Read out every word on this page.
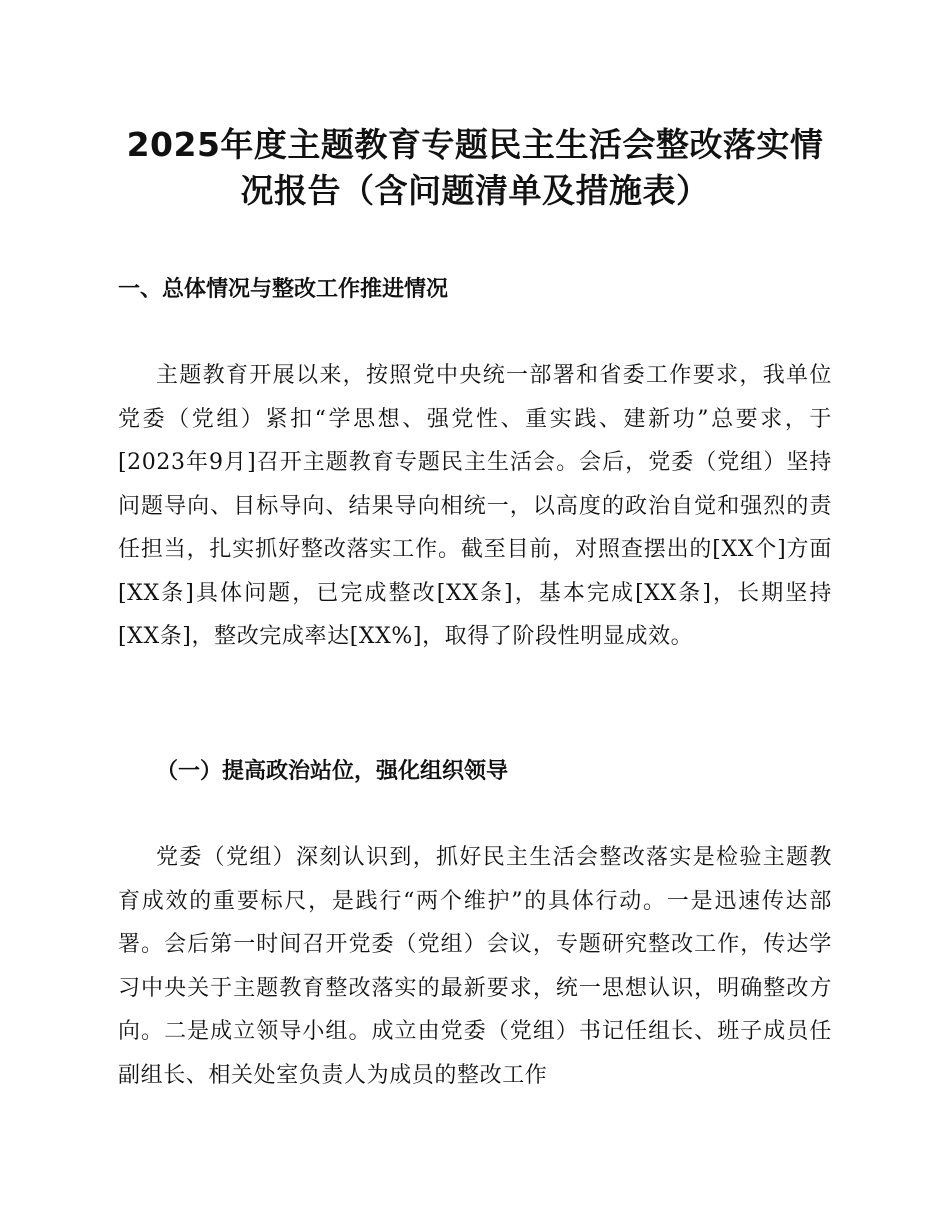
2025年度主题教育专题民主生活会整改落实情况报告（含问题清单及措施表）
一、总体情况与整改工作推进情况
主题教育开展以来，按照党中央统一部署和省委工作要求，我单位党委（党组）紧扣“学思想、强党性、重实践、建新功”总要求，于[2023年9月]召开主题教育专题民主生活会。会后，党委（党组）坚持问题导向、目标导向、结果导向相统一，以高度的政治自觉和强烈的责任担当，扎实抓好整改落实工作。截至目前，对照查摆出的[XX个]方面[XX条]具体问题，已完成整改[XX条]，基本完成[XX条]，长期坚持[XX条]，整改完成率达[XX%]，取得了阶段性明显成效。
（一）提高政治站位，强化组织领导
党委（党组）深刻认识到，抓好民主生活会整改落实是检验主题教育成效的重要标尺，是践行“两个维护”的具体行动。一是迅速传达部署。会后第一时间召开党委（党组）会议，专题研究整改工作，传达学习中央关于主题教育整改落实的最新要求，统一思想认识，明确整改方向。二是成立领导小组。成立由党委（党组）书记任组长、班子成员任副组长、相关处室负责人为成员的整改工作
